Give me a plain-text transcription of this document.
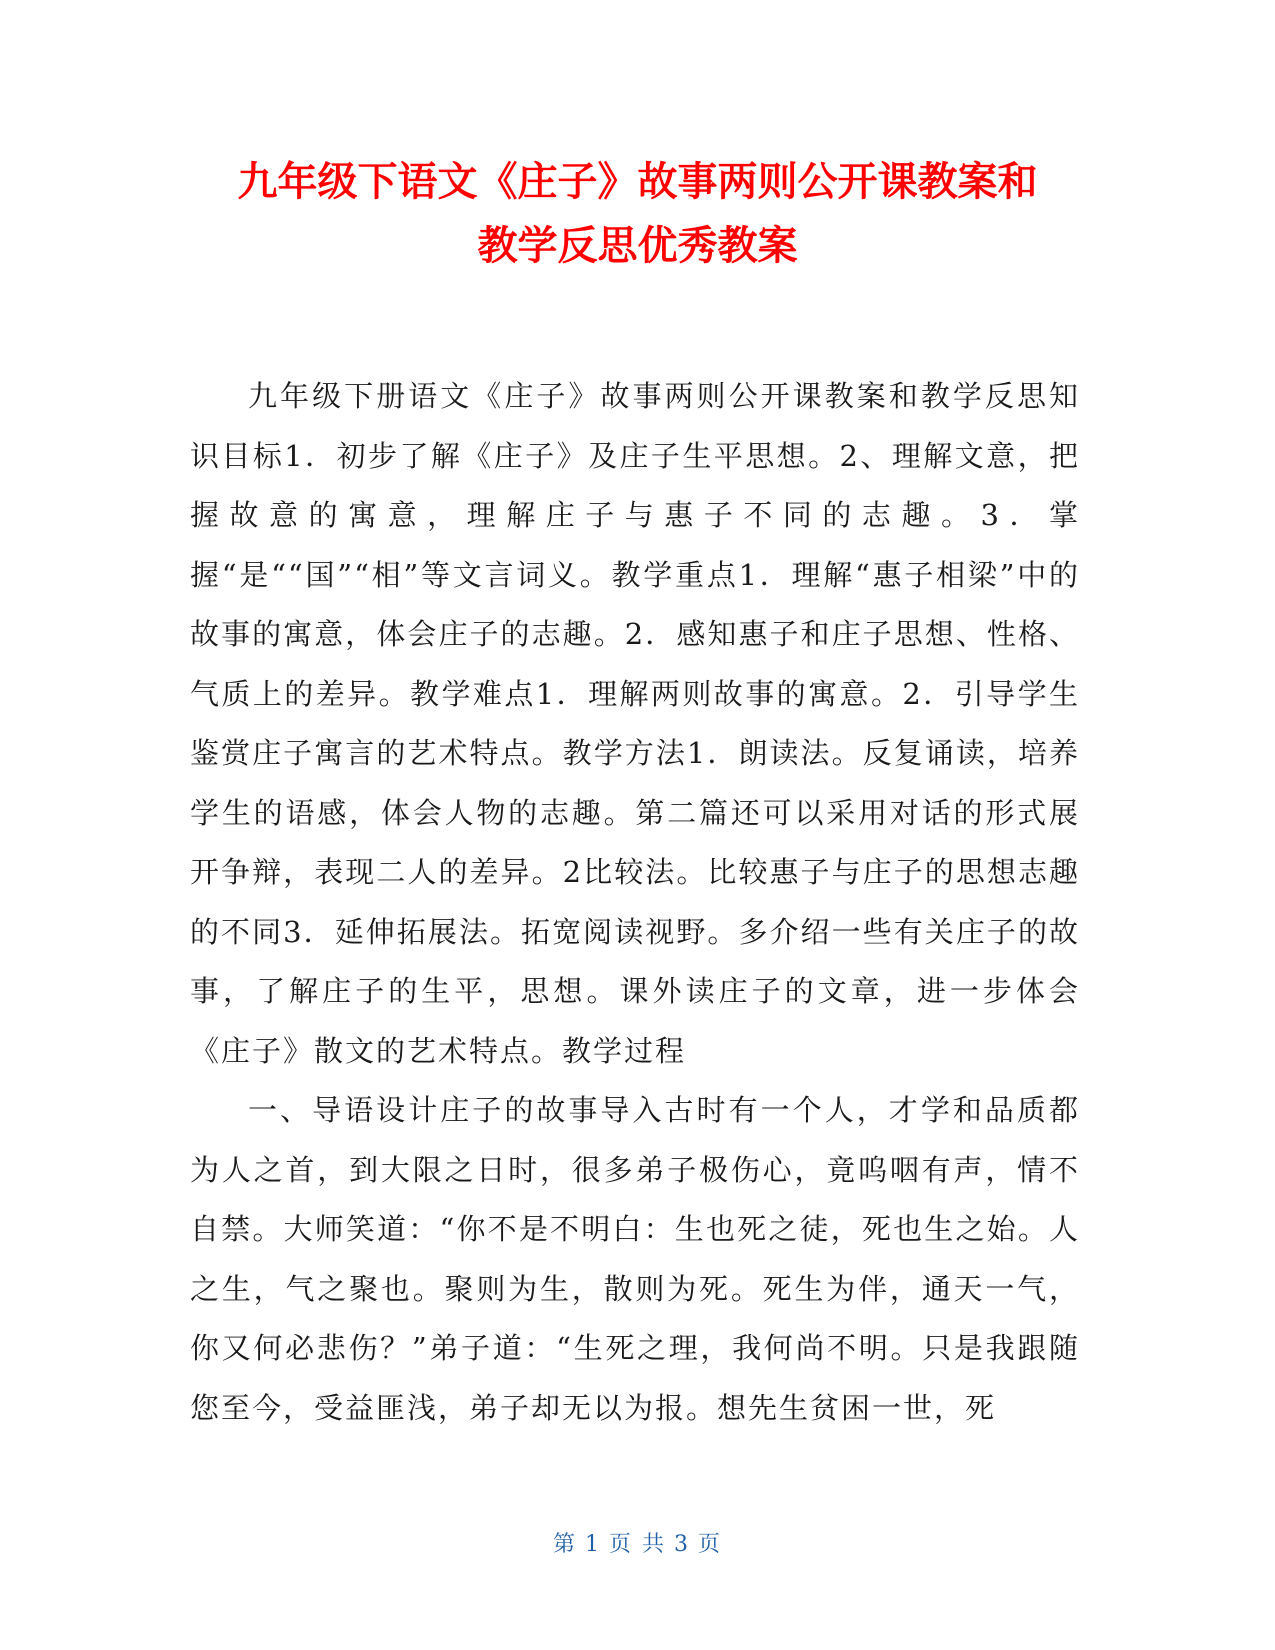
九年级下语文《庄子》故事两则公开课教案和
教学反思优秀教案

九年级下册语文《庄子》故事两则公开课教案和教学反思知识目标1．初步了解《庄子》及庄子生平思想。2、理解文意，把握故意的寓意，理解庄子与惠子不同的志趣。3．掌握“是““国”“相”等文言词义。教学重点1．理解“惠子相梁”中的故事的寓意，体会庄子的志趣。2．感知惠子和庄子思想、性格、气质上的差异。教学难点1．理解两则故事的寓意。2．引导学生鉴赏庄子寓言的艺术特点。教学方法1．朗读法。反复诵读，培养学生的语感，体会人物的志趣。第二篇还可以采用对话的形式展开争辩，表现二人的差异。2比较法。比较惠子与庄子的思想志趣的不同3．延伸拓展法。拓宽阅读视野。多介绍一些有关庄子的故事，了解庄子的生平，思想。课外读庄子的文章，进一步体会《庄子》散文的艺术特点。教学过程

一、导语设计庄子的故事导入古时有一个人，才学和品质都为人之首，到大限之日时，很多弟子极伤心，竟呜咽有声，情不自禁。大师笑道：“你不是不明白：生也死之徒，死也生之始。人之生，气之聚也。聚则为生，散则为死。死生为伴，通天一气，你又何必悲伤？”弟子道：“生死之理，我何尚不明。只是我跟随您至今，受益匪浅，弟子却无以为报。想先生贫困一世，死

第 1 页 共 3 页
